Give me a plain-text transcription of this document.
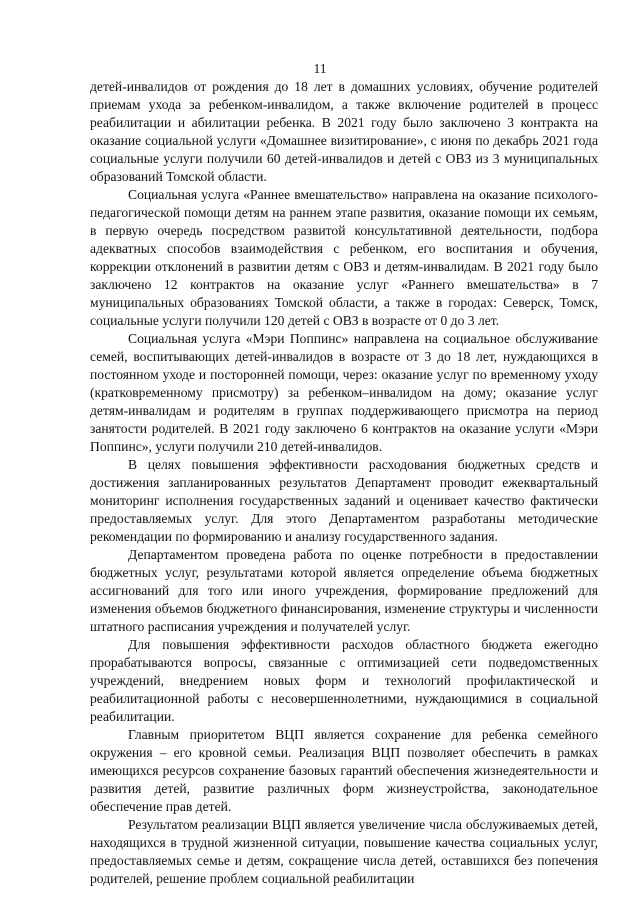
11

детей-инвалидов от рождения до 18 лет в домашних условиях, обучение родителей приемам ухода за ребенком-инвалидом, а также включение родителей в процесс реабилитации и абилитации ребенка. В 2021 году было заключено 3 контракта на оказание социальной услуги «Домашнее визитирование», с июня по декабрь 2021 года социальные услуги получили 60 детей-инвалидов и детей с ОВЗ из 3 муниципальных образований Томской области.

Социальная услуга «Раннее вмешательство» направлена на оказание психолого-педагогической помощи детям на раннем этапе развития, оказание помощи их семьям, в первую очередь посредством развитой консультативной деятельности, подбора адекватных способов взаимодействия с ребенком, его воспитания и обучения, коррекции отклонений в развитии детям с ОВЗ и детям-инвалидам. В 2021 году было заключено 12 контрактов на оказание услуг «Раннего вмешательства» в 7 муниципальных образованиях Томской области, а также в городах: Северск, Томск, социальные услуги получили 120 детей с ОВЗ в возрасте от 0 до 3 лет.

Социальная услуга «Мэри Поппинс» направлена на социальное обслуживание семей, воспитывающих детей-инвалидов в возрасте от 3 до 18 лет, нуждающихся в постоянном уходе и посторонней помощи, через: оказание услуг по временному уходу (кратковременному присмотру) за ребенком–инвалидом на дому; оказание услуг детям-инвалидам и родителям в группах поддерживающего присмотра на период занятости родителей. В 2021 году заключено 6 контрактов на оказание услуги «Мэри Поппинс», услуги получили 210 детей-инвалидов.

В целях повышения эффективности расходования бюджетных средств и достижения запланированных результатов Департамент проводит ежеквартальный мониторинг исполнения государственных заданий и оценивает качество фактически предоставляемых услуг. Для этого Департаментом разработаны методические рекомендации по формированию и анализу государственного задания.

Департаментом проведена работа по оценке потребности в предоставлении бюджетных услуг, результатами которой является определение объема бюджетных ассигнований для того или иного учреждения, формирование предложений для изменения объемов бюджетного финансирования, изменение структуры и численности штатного расписания учреждения и получателей услуг.

Для повышения эффективности расходов областного бюджета ежегодно прорабатываются вопросы, связанные с оптимизацией сети подведомственных учреждений, внедрением новых форм и технологий профилактической и реабилитационной работы с несовершеннолетними, нуждающимися в социальной реабилитации.

Главным приоритетом ВЦП является сохранение для ребенка семейного окружения – его кровной семьи. Реализация ВЦП позволяет обеспечить в рамках имеющихся ресурсов сохранение базовых гарантий обеспечения жизнедеятельности и развития детей, развитие различных форм жизнеустройства, законодательное обеспечение прав детей.

Результатом реализации ВЦП является увеличение числа обслуживаемых детей, находящихся в трудной жизненной ситуации, повышение качества социальных услуг, предоставляемых семье и детям, сокращение числа детей, оставшихся без попечения родителей, решение проблем социальной реабилитации
